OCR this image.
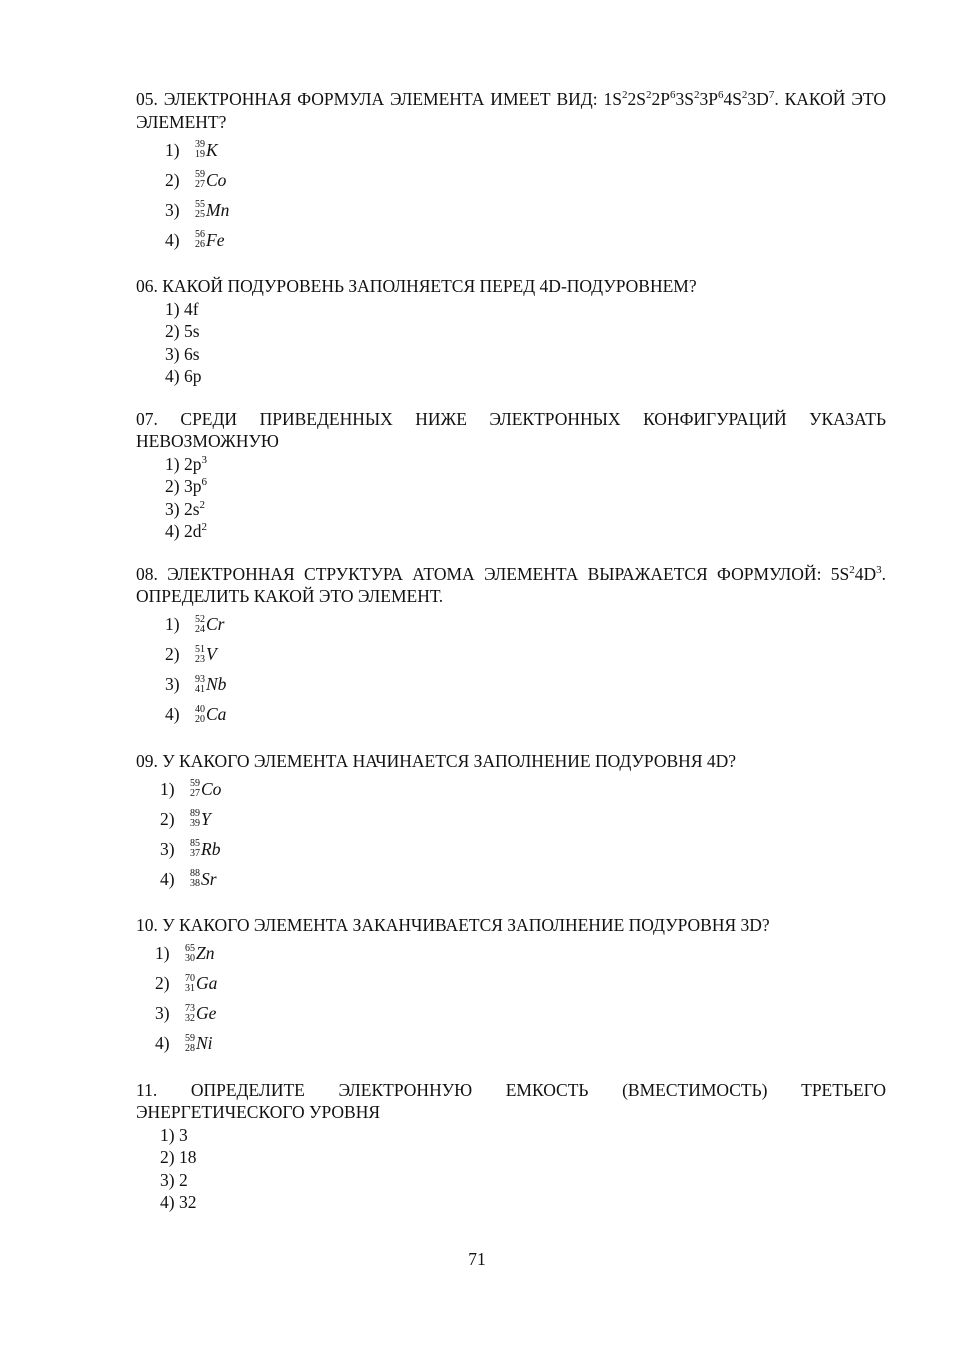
05. ЭЛЕКТРОННАЯ ФОРМУЛА ЭЛЕМЕНТА ИМЕЕТ ВИД: $1S^22S^22P^63S^23P^64S^23D^7$. КАКОЙ ЭТО ЭЛЕМЕНТ?
1)	39
19 K
2)	59
27 Co
3)	55
25 Mn
4)	56
26 Fe
06. КАКОЙ ПОДУРОВЕНЬ ЗАПОЛНЯЕТСЯ ПЕРЕД 4D-ПОДУРОВНЕМ?
1) 4f
2) 5s
3) 6s
4) 6p
07. СРЕДИ ПРИВЕДЕННЫХ НИЖЕ ЭЛЕКТРОННЫХ КОНФИГУРАЦИЙ УКАЗАТЬ НЕВОЗМОЖНУЮ
1) $2p^3$
2) $3p^6$
3) $2s^2$
4) $2d^2$
08. ЭЛЕКТРОННАЯ СТРУКТУРА АТОМА ЭЛЕМЕНТА ВЫРАЖАЕТСЯ ФОРМУЛОЙ: $5S^24D^3$. ОПРЕДЕЛИТЬ КАКОЙ ЭТО ЭЛЕМЕНТ.
1)	52
24 Cr
2)	51
23 V
3)	93
41 Nb
4)	40
20 Ca
09. У КАКОГО ЭЛЕМЕНТА НАЧИНАЕТСЯ ЗАПОЛНЕНИЕ ПОДУРОВНЯ 4D?
1)	59
27 Co
2)	89
39 Y
3)	85
37 Rb
4)	88
38 Sr
10. У КАКОГО ЭЛЕМЕНТА ЗАКАНЧИВАЕТСЯ ЗАПОЛНЕНИЕ ПОДУРОВНЯ 3D?
1)	65
30 Zn
2)	70
31 Ga
3)	73
32 Ge
4)	59
28 Ni
11. ОПРЕДЕЛИТЕ ЭЛЕКТРОННУЮ ЕМКОСТЬ (ВМЕСТИМОСТЬ) ТРЕТЬЕГО ЭНЕРГЕТИЧЕСКОГО УРОВНЯ
1) 3
2) 18
3) 2
4) 32
71
